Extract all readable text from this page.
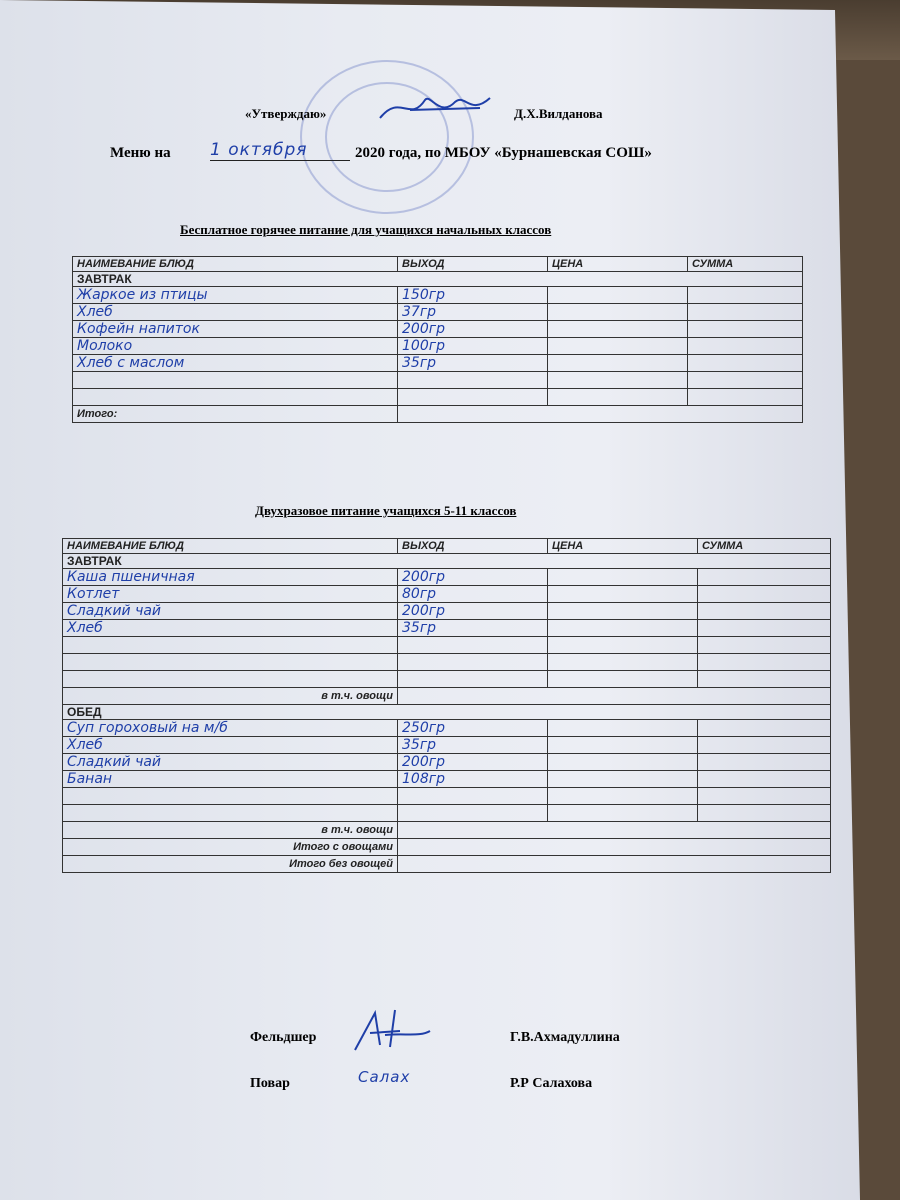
«Утверждаю»	Д.Х.Вилданова
Меню на 1 октября	2020 года, по МБОУ «Бурнашевская СОШ»
Бесплатное горячее питание для учащихся начальных классов
НАИМЕВАНИЕ БЛЮД	ВЫХОД	ЦЕНА	СУММА
ЗАВТРАК			
Жаркое из птицы	150гр		
Хлеб	37гр		
Кофейн напиток	200гр		
Молоко	100гр		
Хлеб с маслом	35гр		

Итого:			
Двухразовое питание учащихся 5-11 классов
НАИМЕВАНИЕ БЛЮД	ВЫХОД	ЦЕНА	СУММА
ЗАВТРАК			
Каша пшеничная	200гр		
Котлет	80гр		
Сладкий чай	200гр		
Хлеб	35гр		

в т.ч. овощи			
ОБЕД			
Суп гороховый на м/б	250гр		
Хлеб	35гр		
Сладкий чай	200гр		
Банан	108гр		

в т.ч. овощи			
Итого с овощами			
Итого без овощей			
Фельдшер	Г.В.Ахмадуллина
Повар	Салах	Р.Р Салахова
